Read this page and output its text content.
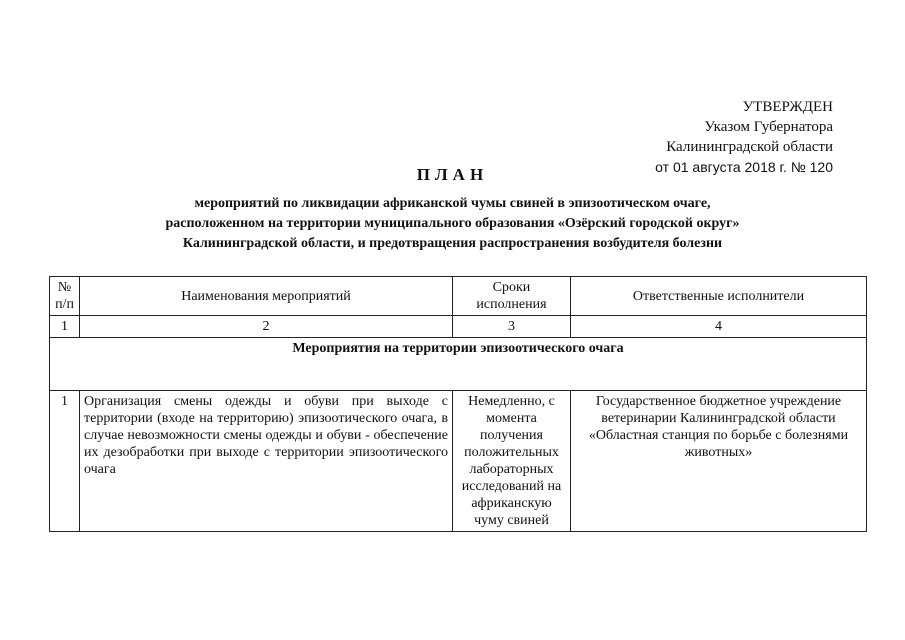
УТВЕРЖДЕН
Указом Губернатора
Калининградской области
от 01 августа 2018 г. № 120
ПЛАН
мероприятий по ликвидации африканской чумы свиней в эпизоотическом очаге,
расположенном на территории муниципального образования «Озёрский городской округ»
Калининградской области, и предотвращения распространения возбудителя болезни
№ п/п	Наименования мероприятий	Сроки исполнения	Ответственные исполнители
1	2	3	4
Мероприятия на территории эпизоотического очага			
1	Организация смены одежды и обуви при выходе с территории (входе на территорию) эпизоотического очага, в случае невозможности смены одежды и обуви - обеспечение их дезобработки при выходе с территории эпизоотического очага	Немедленно, с момента получения положительных лабораторных исследований на африканскую чуму свиней	Государственное бюджетное учреждение ветеринарии Калининградской области «Областная станция по борьбе с болезнями животных»
